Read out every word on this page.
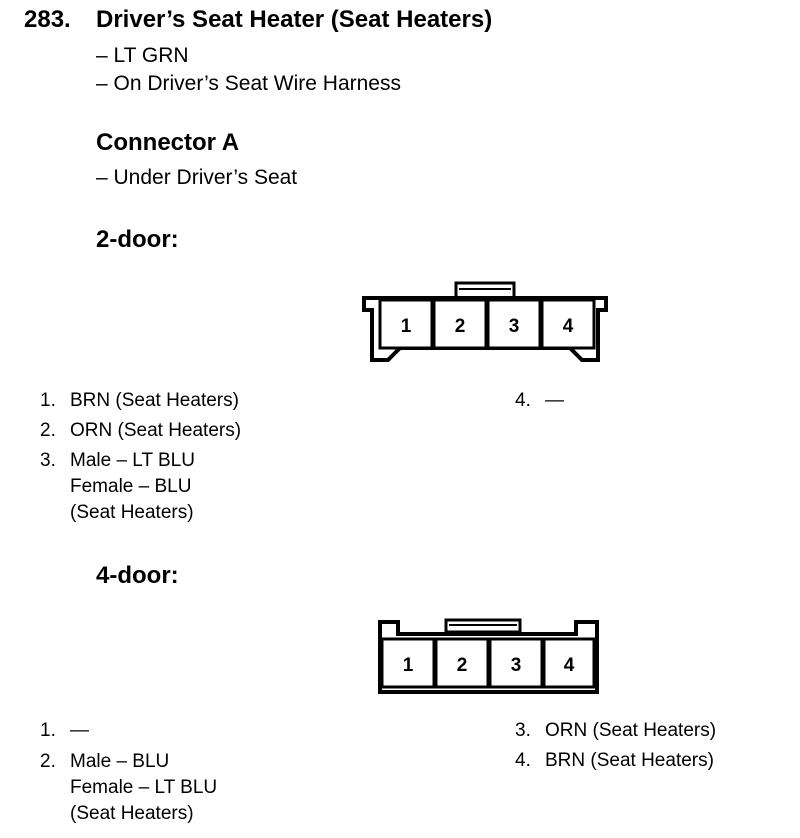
283. Driver’s Seat Heater (Seat Heaters)
– LT GRN
– On Driver’s Seat Wire Harness
Connector A
– Under Driver’s Seat
2-door:
1 2 3 4
1. BRN (Seat Heaters)
2. ORN (Seat Heaters)
3. Male – LT BLU
Female – BLU
(Seat Heaters)
4. —
4-door:
1 2 3 4
1. —
2. Male – BLU
Female – LT BLU
(Seat Heaters)
3. ORN (Seat Heaters)
4. BRN (Seat Heaters)
